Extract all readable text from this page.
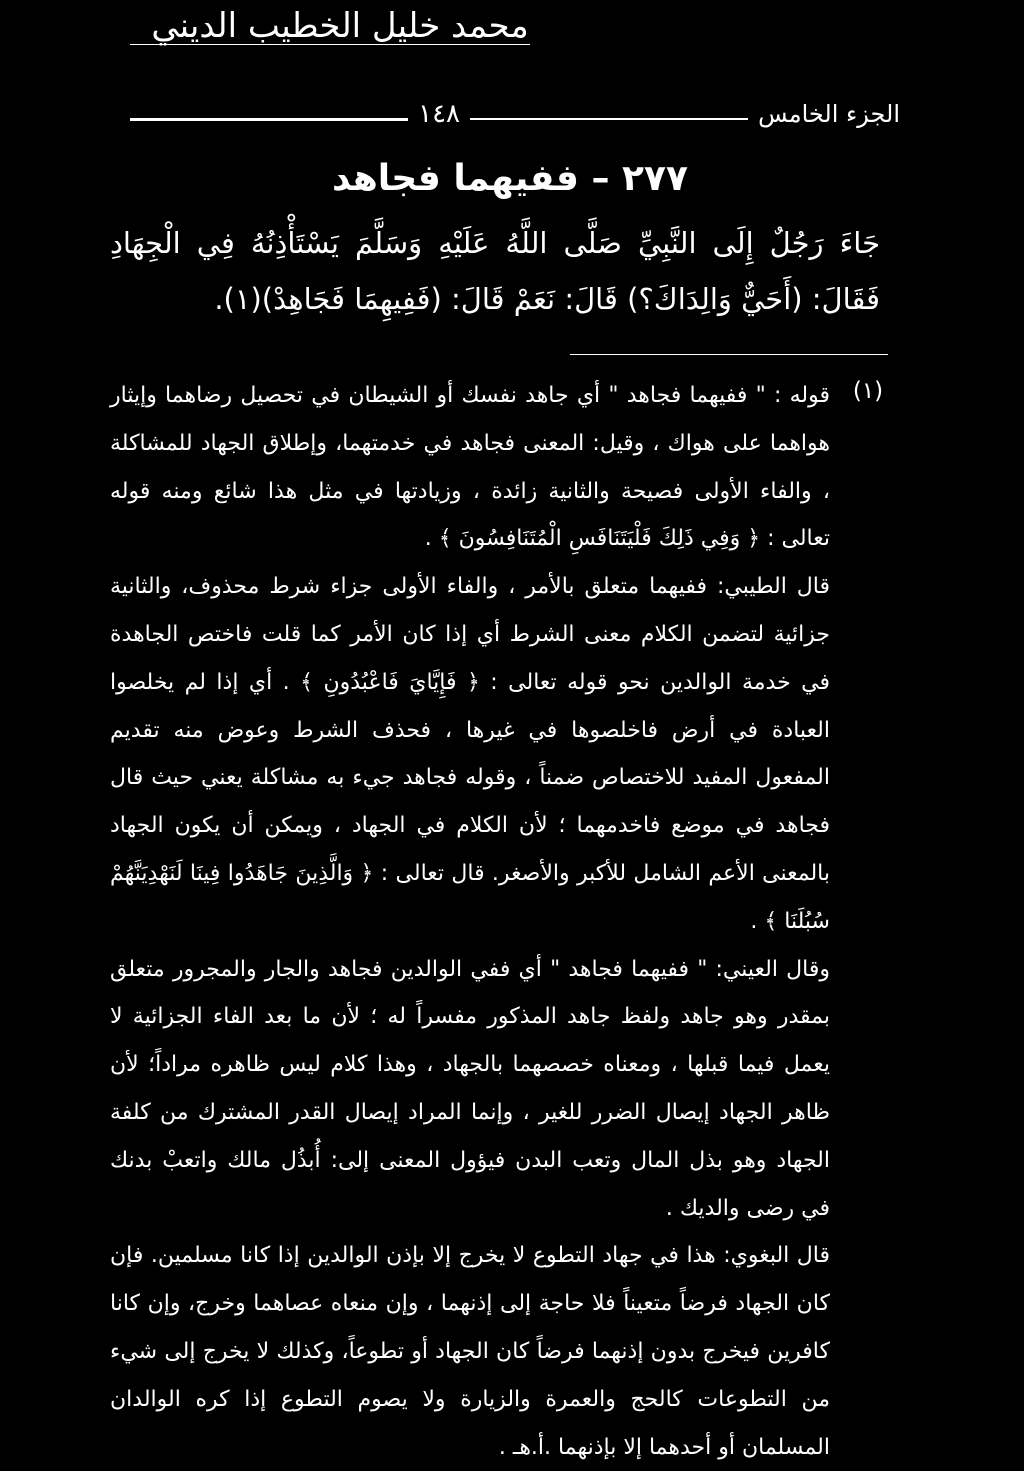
محمد خليل الخطيب الديني
الجزء الخامس
١٤٨
٢٧٧ – ففيهما فجاهد
جَاءَ رَجُلٌ إِلَى النَّبِيِّ صَلَّى اللَّهُ عَلَيْهِ وَسَلَّمَ يَسْتَأْذِنُهُ فِي الْجِهَادِ فَقَالَ: (أَحَيٌّ وَالِدَاكَ؟) قَالَ: نَعَمْ قَالَ: (فَفِيهِمَا فَجَاهِدْ)(١).
(١)

قوله : " ففيهما فجاهد " أي جاهد نفسك أو الشيطان في تحصيل رضاهما وإيثار هواهما على هواك ، وقيل: المعنى فجاهد في خدمتهما، وإطلاق الجهاد للمشاكلة ، والفاء الأولى فصيحة والثانية زائدة ، وزيادتها في مثل هذا شائع ومنه قوله تعالى : ﴿ وَفِي ذَلِكَ فَلْيَتَنَافَسِ الْمُتَنَافِسُونَ ﴾ .

قال الطيبي: ففيهما متعلق بالأمر ، والفاء الأولى جزاء شرط محذوف، والثانية جزائية لتضمن الكلام معنى الشرط أي إذا كان الأمر كما قلت فاختص الجاهدة في خدمة الوالدين نحو قوله تعالى : ﴿ فَإِيَّايَ فَاعْبُدُونِ ﴾ . أي إذا لم يخلصوا العبادة في أرض فاخلصوها في غيرها ، فحذف الشرط وعوض منه تقديم المفعول المفيد للاختصاص ضمناً ، وقوله فجاهد جيء به مشاكلة يعني حيث قال فجاهد في موضع فاخدمهما ؛ لأن الكلام في الجهاد ، ويمكن أن يكون الجهاد بالمعنى الأعم الشامل للأكبر والأصغر. قال تعالى : ﴿ وَالَّذِينَ جَاهَدُوا فِينَا لَنَهْدِيَنَّهُمْ سُبُلَنَا ﴾ .

وقال العيني: " ففيهما فجاهد " أي ففي الوالدين فجاهد والجار والمجرور متعلق بمقدر وهو جاهد ولفظ جاهد المذكور مفسراً له ؛ لأن ما بعد الفاء الجزائية لا يعمل فيما قبلها ، ومعناه خصصهما بالجهاد ، وهذا كلام ليس ظاهره مراداً؛ لأن ظاهر الجهاد إيصال الضرر للغير ، وإنما المراد إيصال القدر المشترك من كلفة الجهاد وهو بذل المال وتعب البدن فيؤول المعنى إلى: أُبذُل مالك واتعبْ بدنك في رضى والديك .

قال البغوي: هذا في جهاد التطوع لا يخرج إلا بإذن الوالدين إذا كانا مسلمين. فإن كان الجهاد فرضاً متعيناً فلا حاجة إلى إذنهما ، وإن منعاه عصاهما وخرج، وإن كانا كافرين فيخرج بدون إذنهما فرضاً كان الجهاد أو تطوعاً، وكذلك لا يخرج إلى شيء من التطوعات كالحج والعمرة والزيارة ولا يصوم التطوع إذا كره الوالدان المسلمان أو أحدهما إلا بإذنهما .أ.هـ .
